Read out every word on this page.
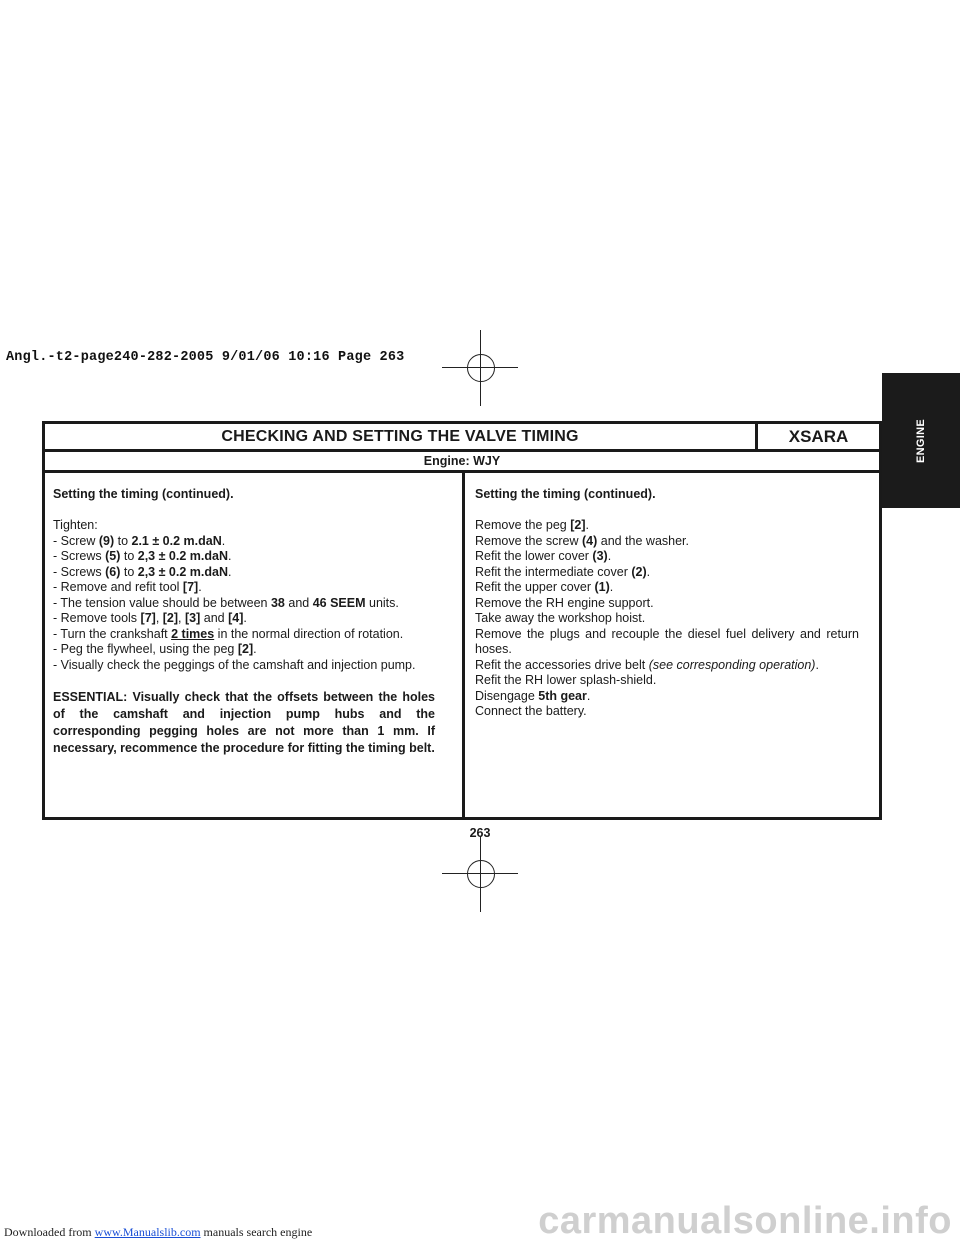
Angl.-t2-page240-282-2005 9/01/06 10:16 Page 263
ENGINE
CHECKING AND SETTING THE VALVE TIMING	XSARA
Engine: WJY

Setting the timing (continued).

Tighten:

- Screw (9) to 2.1 ± 0.2 m.daN.

- Screws (5) to 2,3 ± 0.2 m.daN.

- Screws (6) to 2,3 ± 0.2 m.daN.

- Remove and refit tool [7].

- The tension value should be between 38 and 46 SEEM units.

- Remove tools [7], [2], [3] and [4].

- Turn the crankshaft 2 times in the normal direction of rotation.

- Peg the flywheel, using the peg [2].

- Visually check the peggings of the camshaft and injection pump.

ESSENTIAL: Visually check that the offsets between the holes of the camshaft and injection pump hubs and the corresponding pegging holes are not more than 1 mm. If necessary, recommence the procedure for fitting the timing belt.

Setting the timing (continued).

Remove the peg [2].

Remove the screw (4) and the washer.

Refit the lower cover (3).

Refit the intermediate cover (2).

Refit the upper cover (1).

Remove the RH engine support.

Take away the workshop hoist.

Remove the plugs and recouple the diesel fuel delivery and return hoses.

Refit the accessories drive belt (see corresponding operation).

Refit the RH lower splash-shield.

Disengage 5th gear.

Connect the battery.

263
carmanualsonline.info
Downloaded from www.Manualslib.com manuals search engine
